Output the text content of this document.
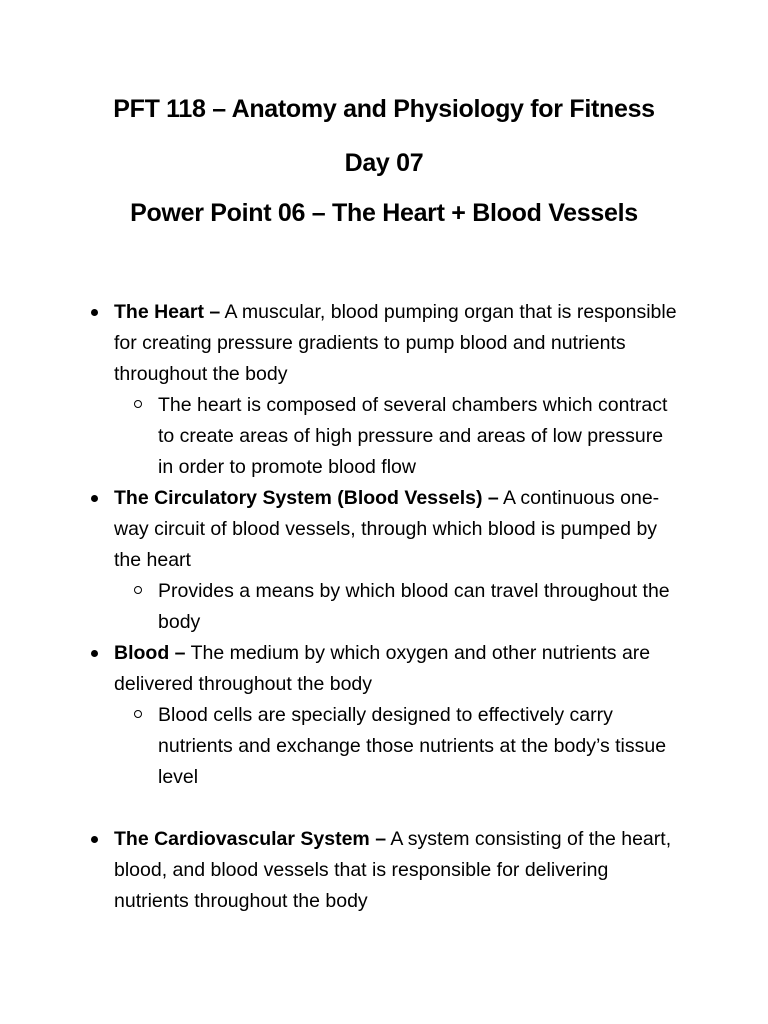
PFT 118 – Anatomy and Physiology for Fitness
Day 07
Power Point 06 – The Heart + Blood Vessels
The Heart – A muscular, blood pumping organ that is responsible for creating pressure gradients to pump blood and nutrients throughout the body
The heart is composed of several chambers which contract to create areas of high pressure and areas of low pressure in order to promote blood flow
The Circulatory System (Blood Vessels) – A continuous one-way circuit of blood vessels, through which blood is pumped by the heart
Provides a means by which blood can travel throughout the body
Blood – The medium by which oxygen and other nutrients are delivered throughout the body
Blood cells are specially designed to effectively carry nutrients and exchange those nutrients at the body’s tissue level
The Cardiovascular System – A system consisting of the heart, blood, and blood vessels that is responsible for delivering nutrients throughout the body
